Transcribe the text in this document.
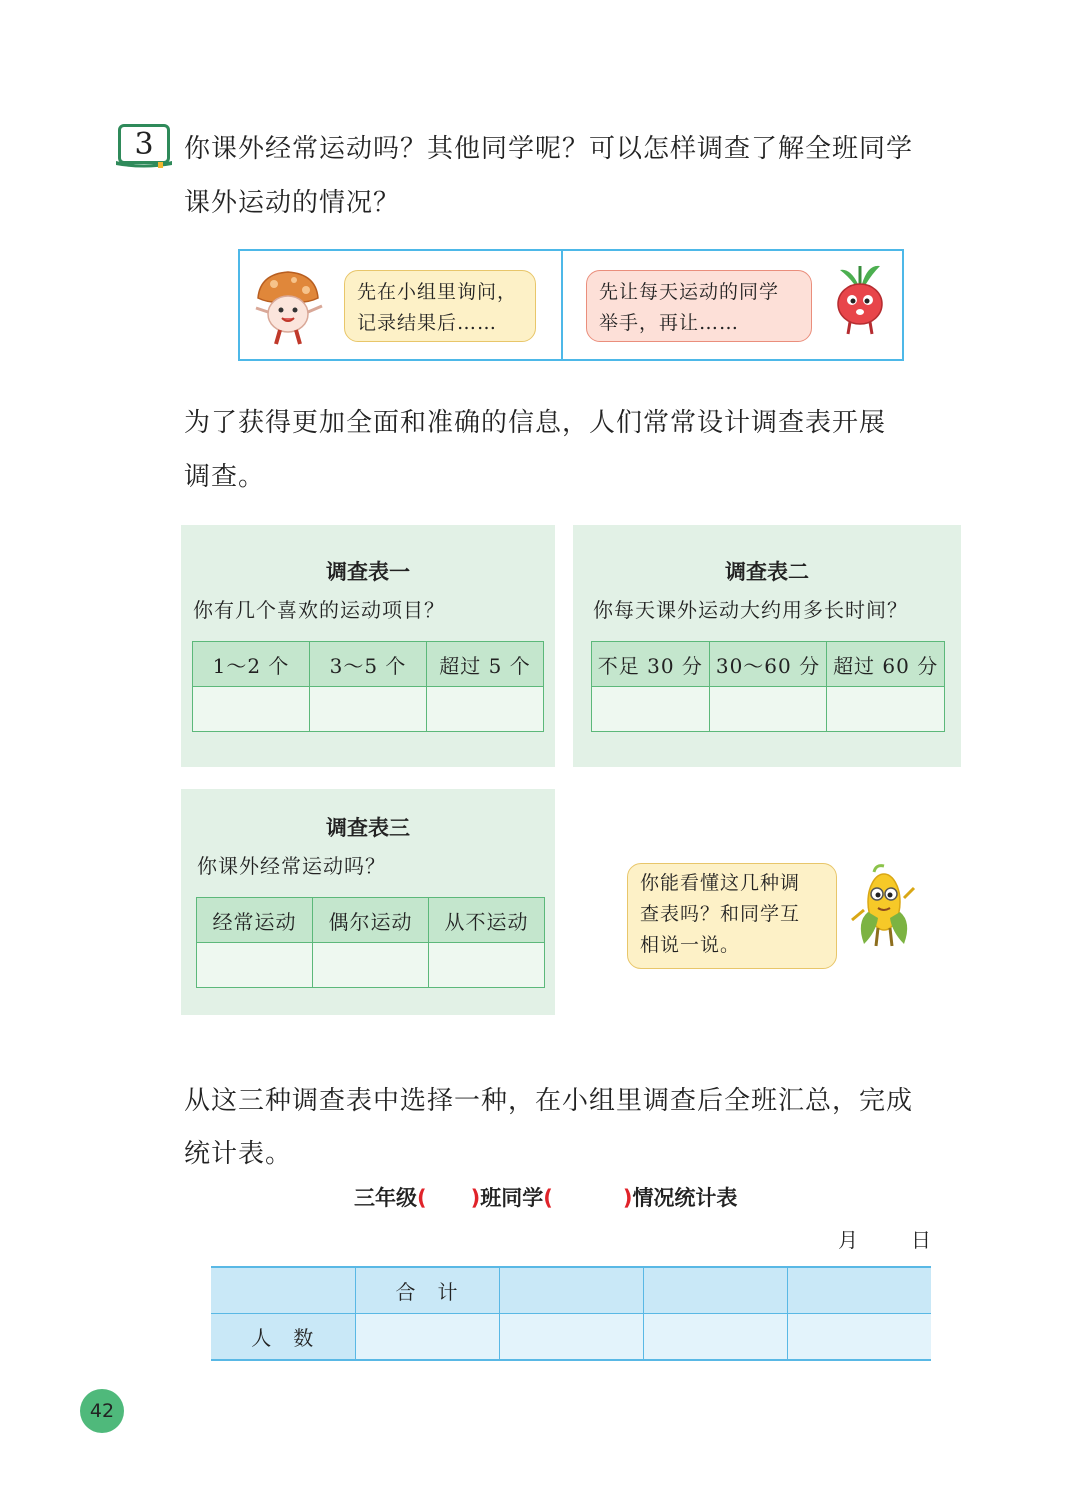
3 你课外经常运动吗？其他同学呢？可以怎样调查了解全班同学
课外运动的情况？
先在小组里询问，
记录结果后……
先让每天运动的同学
举手，再让……
为了获得更加全面和准确的信息，人们常常设计调查表开展
调查。
调查表一
你有几个喜欢的运动项目？
1～2 个	3～5 个	超过 5 个

调查表二
你每天课外运动大约用多长时间？
不足 30 分	30～60 分	超过 60 分

调查表三
你课外经常运动吗？
经常运动	偶尔运动	从不运动

你能看懂这几种调
查表吗？和同学互
相说一说。
从这三种调查表中选择一种，在小组里调查后全班汇总，完成
统计表。
三年级( )班同学(	)情况统计表
月	日
	合　计			
人　数				
42
